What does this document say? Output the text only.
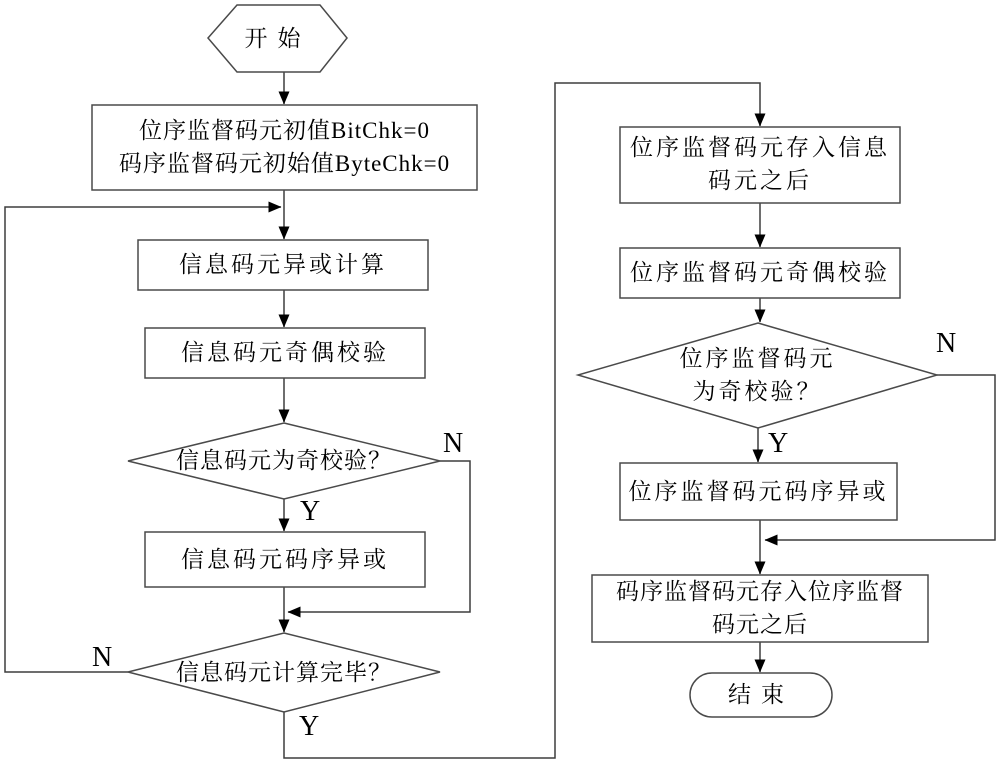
开始
位序监督码元初值BitChk=0
码序监督码元初始值ByteChk=0
信息码元异或计算
信息码元奇偶校验
信息码元为奇校验？
信息码元码序异或
信息码元计算完毕？
位序监督码元存入信息
码元之后
位序监督码元奇偶校验
位序监督码元
为奇校验？
位序监督码元码序异或
码序监督码元存入位序监督
码元之后
结束
N
Y
N
Y
N
Y
